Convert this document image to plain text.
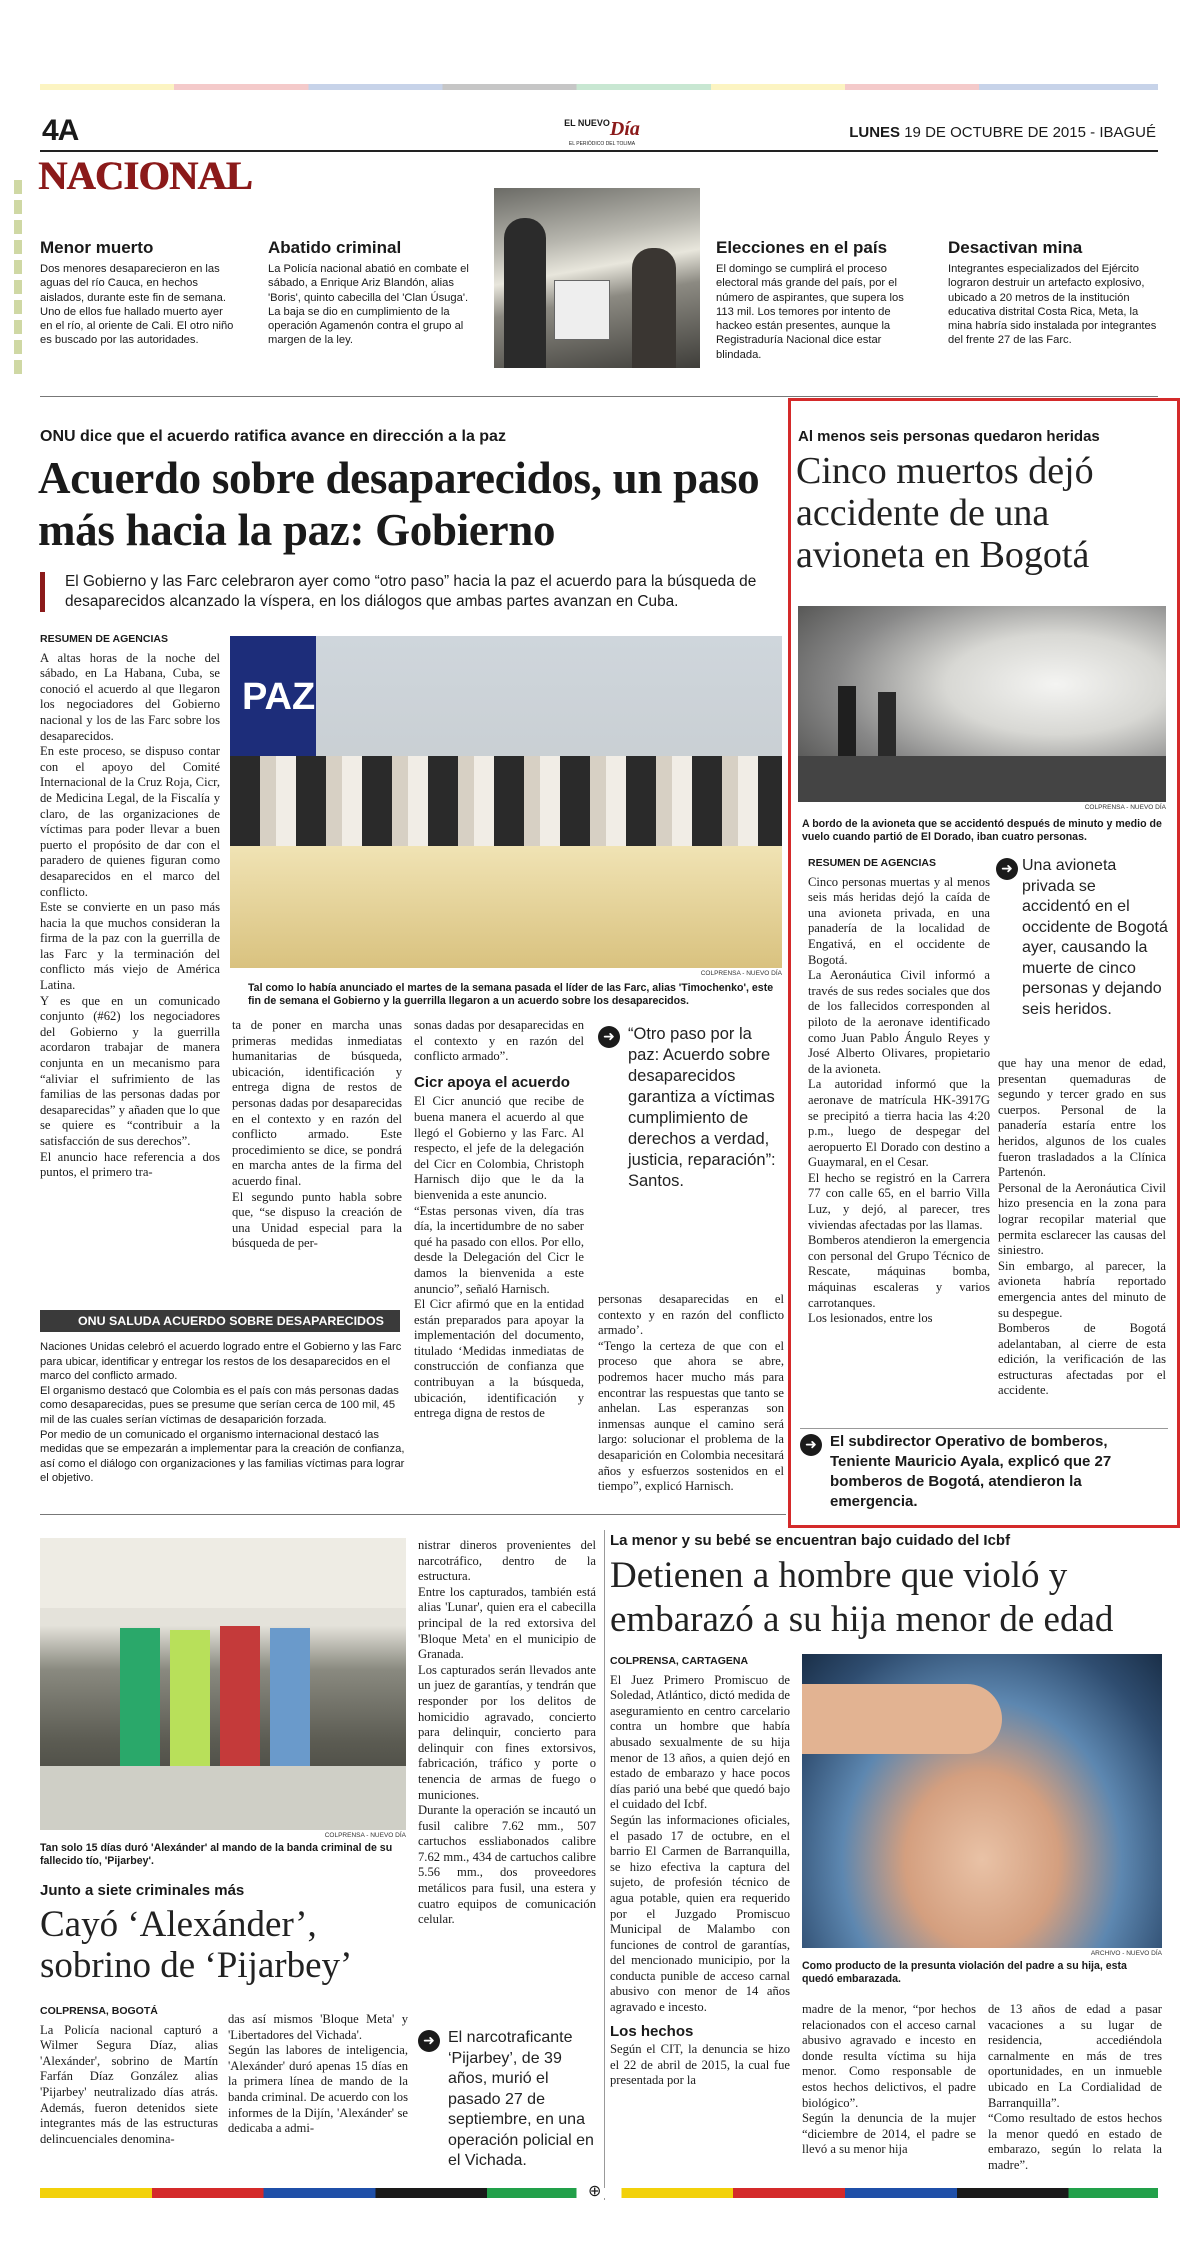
4A	$^{EL NUEVO}$Día
EL PERIÓDICO DEL TOLIMA
LUNES 19 DE OCTUBRE DE 2015 - IBAGUÉ
NACIONAL
Menor muerto

Dos menores desaparecieron en las aguas del río Cauca, en hechos aislados, durante este fin de semana. Uno de ellos fue hallado muerto ayer en el río, al oriente de Cali. El otro niño es buscado por las autoridades.

Abatido criminal

La Policía nacional abatió en combate el sábado, a Enrique Ariz Blandón, alias 'Boris', quinto cabecilla del 'Clan Úsuga'. La baja se dio en cumplimiento de la operación Agamenón contra el grupo al margen de la ley.

Elecciones en el país

El domingo se cumplirá el proceso electoral más grande del país, por el número de aspirantes, que supera los 113 mil. Los temores por intento de hackeo están presentes, aunque la Registraduría Nacional dice estar blindada.

Desactivan mina

Integrantes especializados del Ejército lograron destruir un artefacto explosivo, ubicado a 20 metros de la institución educativa distrital Costa Rica, Meta, la mina habría sido instalada por integrantes del frente 27 de las Farc.

ONU dice que el acuerdo ratifica avance en dirección a la paz
Acuerdo sobre desaparecidos, un paso más hacia la paz: Gobierno
El Gobierno y las Farc celebraron ayer como “otro paso” hacia la paz el acuerdo para la búsqueda de desaparecidos alcanzado la víspera, en los diálogos que ambas partes avanzan en Cuba.
RESUMEN DE AGENCIAS
A altas horas de la noche del sábado, en La Habana, Cuba, se conoció el acuerdo al que llegaron los negociadores del Gobierno nacional y los de las Farc sobre los desaparecidos.
En este proceso, se dispuso contar con el apoyo del Comité Internacional de la Cruz Roja, Cicr, de Medicina Legal, de la Fiscalía y claro, de las organizaciones de víctimas para poder llevar a buen puerto el propósito de dar con el paradero de quienes figuran como desaparecidos en el marco del conflicto.
Este se convierte en un paso más hacia la que muchos consideran la firma de la paz con la guerrilla de las Farc y la terminación del conflicto más viejo de América Latina.
Y es que en un comunicado conjunto (#62) los negociadores del Gobierno y la guerrilla acordaron trabajar de manera conjunta en un mecanismo para “aliviar el sufrimiento de las familias de las personas dadas por desaparecidas” y añaden que lo que se quiere es “contribuir a la satisfacción de sus derechos”.
El anuncio hace referencia a dos puntos, el primero tra-
PAZ
COLPRENSA - NUEVO DÍA
Tal como lo había anunciado el martes de la semana pasada el líder de las Farc, alias 'Timochenko', este fin de semana el Gobierno y la guerrilla llegaron a un acuerdo sobre los desaparecidos.
ta de poner en marcha unas primeras medidas inmediatas humanitarias de búsqueda, ubicación, identificación y entrega digna de restos de personas dadas por desaparecidas en el contexto y en razón del conflicto armado. Este procedimiento se dice, se pondrá en marcha antes de la firma del acuerdo final.
El segundo punto habla sobre que, “se dispuso la creación de una Unidad especial para la búsqueda de per-
sonas dadas por desaparecidas en el contexto y en razón del conflicto armado”.
Cicr apoya el acuerdo
El Cicr anunció que recibe de buena manera el acuerdo al que llegó el Gobierno y las Farc. Al respecto, el jefe de la delegación del Cicr en Colombia, Christoph Harnisch dijo que le da la bienvenida a este anuncio.
“Estas personas viven, día tras día, la incertidumbre de no saber qué ha pasado con ellos. Por ello, desde la Delegación del Cicr le damos la bienvenida a este anuncio”, señaló Harnisch.
El Cicr afirmó que en la entidad están preparados para apoyar la implementación del documento, titulado ‘Medidas inmediatas de construcción de confianza que contribuyan a la búsqueda, ubicación, identificación y entrega digna de restos de
➜ “Otro paso por la paz: Acuerdo sobre desaparecidos garantiza a víctimas cumplimiento de derechos a verdad, justicia, reparación”: Santos.
personas desaparecidas en el contexto y en razón del conflicto armado’.
“Tengo la certeza de que con el proceso que ahora se abre, podremos hacer mucho más para encontrar las respuestas que tanto se anhelan. Las esperanzas son inmensas aunque el camino será largo: solucionar el problema de la desaparición en Colombia necesitará años y esfuerzos sostenidos en el tiempo”, explicó Harnisch.
ONU SALUDA ACUERDO SOBRE DESAPARECIDOS
Naciones Unidas celebró el acuerdo logrado entre el Gobierno y las Farc para ubicar, identificar y entregar los restos de los desaparecidos en el marco del conflicto armado.
El organismo destacó que Colombia es el país con más personas dadas como desaparecidas, pues se presume que serían cerca de 100 mil, 45 mil de las cuales serían víctimas de desaparición forzada.
Por medio de un comunicado el organismo internacional destacó las medidas que se empezarán a implementar para la creación de confianza, así como el diálogo con organizaciones y las familias víctimas para lograr el objetivo.
Al menos seis personas quedaron heridas
Cinco muertos dejó accidente de una avioneta en Bogotá
COLPRENSA - NUEVO DÍA
A bordo de la avioneta que se accidentó después de minuto y medio de vuelo cuando partió de El Dorado, iban cuatro personas.
RESUMEN DE AGENCIAS
Cinco personas muertas y al menos seis más heridas dejó la caída de una avioneta privada, en una panadería de la localidad de Engativá, en el occidente de Bogotá.
La Aeronáutica Civil informó a través de sus redes sociales que dos de los fallecidos corresponden al piloto de la aeronave identificado como Juan Pablo Ángulo Reyes y José Alberto Olivares, propietario de la avioneta.
La autoridad informó que la aeronave de matrícula HK-3917G se precipitó a tierra hacia las 4:20 p.m., luego de despegar del aeropuerto El Dorado con destino a Guaymaral, en el Cesar.
El hecho se registró en la Carrera 77 con calle 65, en el barrio Villa Luz, y dejó, al parecer, tres viviendas afectadas por las llamas.
Bomberos atendieron la emergencia con personal del Grupo Técnico de Rescate, máquinas bomba, máquinas escaleras y varios carrotanques.
Los lesionados, entre los
➜ Una avioneta privada se accidentó en el occidente de Bogotá ayer, causando la muerte de cinco personas y dejando seis heridos.
que hay una menor de edad, presentan quemaduras de segundo y tercer grado en sus cuerpos. Personal de la panadería estaría entre los heridos, algunos de los cuales fueron trasladados a la Clínica Partenón.
Personal de la Aeronáutica Civil hizo presencia en la zona para lograr recopilar material que permita esclarecer las causas del siniestro.
Sin embargo, al parecer, la avioneta habría reportado emergencia antes del minuto de su despegue.
Bomberos de Bogotá adelantaban, al cierre de esta edición, la verificación de las estructuras afectadas por el accidente.
➜ El subdirector Operativo de bomberos, Teniente Mauricio Ayala, explicó que 27 bomberos de Bogotá, atendieron la emergencia.
COLPRENSA - NUEVO DÍA
Tan solo 15 días duró 'Alexánder' al mando de la banda criminal de su fallecido tío, 'Pijarbey'.
Junto a siete criminales más
Cayó ‘Alexánder’, sobrino de ‘Pijarbey’
COLPRENSA, BOGOTÁ
La Policía nacional capturó a Wilmer Segura Díaz, alias 'Alexánder', sobrino de Martín Farfán Díaz González alias 'Pijarbey' neutralizado días atrás. Además, fueron detenidos siete integrantes más de las estructuras delincuenciales denomina-
das así mismos 'Bloque Meta' y 'Libertadores del Vichada'.
Según las labores de inteligencia, 'Alexánder' duró apenas 15 días en la primera línea de mando de la banda criminal. De acuerdo con los informes de la Dijín, 'Alexánder' se dedicaba a admi-
nistrar dineros provenientes del narcotráfico, dentro de la estructura.
Entre los capturados, también está alias 'Lunar', quien era el cabecilla principal de la red extorsiva del 'Bloque Meta' en el municipio de Granada.
Los capturados serán llevados ante un juez de garantías, y tendrán que responder por los delitos de homicidio agravado, concierto para delinquir, concierto para delinquir con fines extorsivos, fabricación, tráfico y porte o tenencia de armas de fuego o municiones.
Durante la operación se incautó un fusil calibre 7.62 mm., 507 cartuchos essliabonados calibre 7.62 mm., 434 de cartuchos calibre 5.56 mm., dos proveedores metálicos para fusil, una estera y cuatro equipos de comunicación celular.
➜ El narcotraficante ‘Pijarbey’, de 39 años, murió el pasado 27 de septiembre, en una operación policial en el Vichada.
La menor y su bebé se encuentran bajo cuidado del Icbf
Detienen a hombre que violó y embarazó a su hija menor de edad
COLPRENSA, CARTAGENA
El Juez Primero Promiscuo de Soledad, Atlántico, dictó medida de aseguramiento en centro carcelario contra un hombre que había abusado sexualmente de su hija menor de 13 años, a quien dejó en estado de embarazo y hace pocos días parió una bebé que quedó bajo el cuidado del Icbf.
Según las informaciones oficiales, el pasado 17 de octubre, en el barrio El Carmen de Barranquilla, se hizo efectiva la captura del sujeto, de profesión técnico de agua potable, quien era requerido por el Juzgado Promiscuo Municipal de Malambo con funciones de control de garantías, del mencionado municipio, por la conducta punible de acceso carnal abusivo con menor de 14 años agravado e incesto.
Los hechos
Según el CIT, la denuncia se hizo el 22 de abril de 2015, la cual fue presentada por la
ARCHIVO - NUEVO DÍA
Como producto de la presunta violación del padre a su hija, esta quedó embarazada.
madre de la menor, “por hechos relacionados con el acceso carnal abusivo agravado e incesto en donde resulta víctima su hija menor. Como responsable de estos hechos delictivos, el padre biológico”.
Según la denuncia de la mujer “diciembre de 2014, el padre se llevó a su menor hija
de 13 años de edad a pasar vacaciones a su lugar de residencia, accediéndola carnalmente en más de tres oportunidades, en un inmueble ubicado en La Cordialidad de Barranquilla”.
“Como resultado de estos hechos la menor quedó en estado de embarazo, según lo relata la madre”.
⊕
